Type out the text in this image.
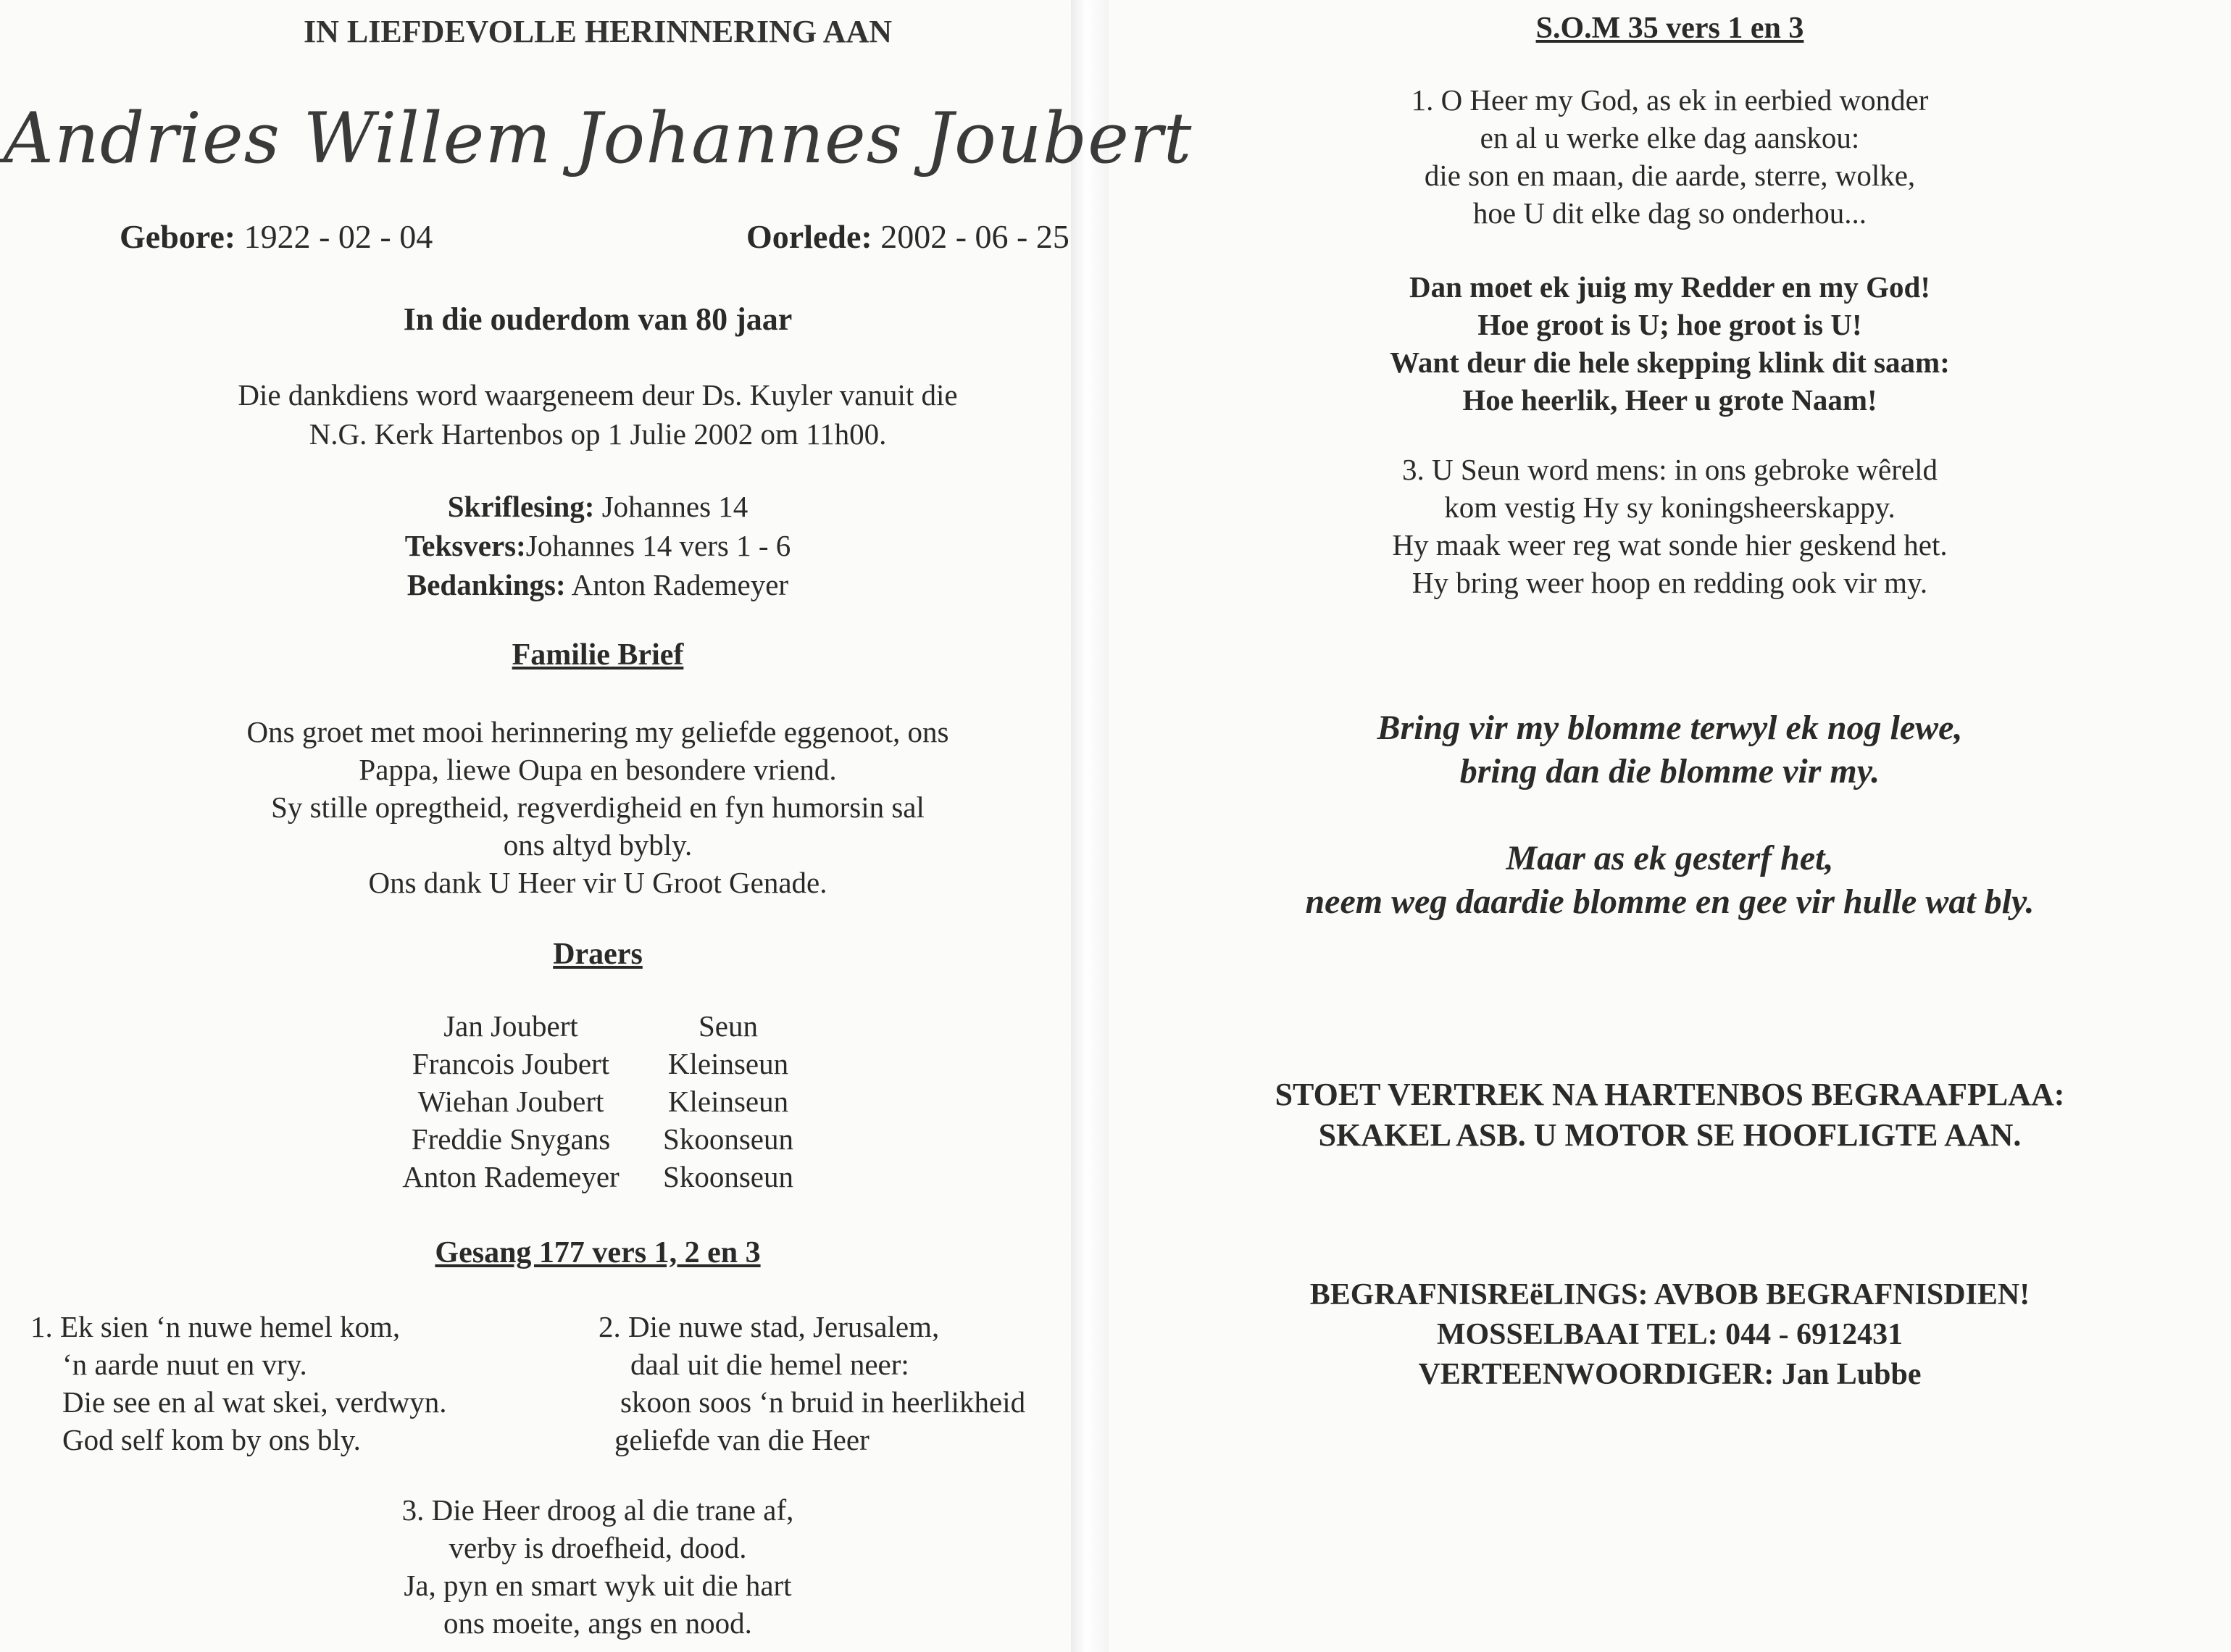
IN LIEFDEVOLLE HERINNERING AAN
Andries Willem Johannes Joubert
Gebore: 1922 - 02 - 04	Oorlede: 2002 - 06 - 25
In die ouderdom van 80 jaar
Die dankdiens word waargeneem deur Ds. Kuyler vanuit die
N.G. Kerk Hartenbos op 1 Julie 2002 om 11h00.
Skriflesing: Johannes 14
Teksvers:Johannes 14 vers 1 - 6
Bedankings: Anton Rademeyer
Familie Brief
Ons groet met mooi herinnering my geliefde eggenoot, ons
Pappa, liewe Oupa en besondere vriend.
Sy stille opregtheid, regverdigheid en fyn humorsin sal
ons altyd bybly.
Ons dank U Heer vir U Groot Genade.
Draers
Jan Joubert	Seun
Francois Joubert	Kleinseun
Wiehan Joubert	Kleinseun
Freddie Snygans	Skoonseun
Anton Rademeyer	Skoonseun
Gesang 177 vers 1, 2 en 3
1. Ek sien ‘n nuwe hemel kom,
‘n aarde nuut en vry.
Die see en al wat skei, verdwyn.
God self kom by ons bly.
2. Die nuwe stad, Jerusalem,
daal uit die hemel neer:
skoon soos ‘n bruid in heerlikheid
geliefde van die Heer
3. Die Heer droog al die trane af,
verby is droefheid, dood.
Ja, pyn en smart wyk uit die hart
ons moeite, angs en nood.
S.O.M 35 vers 1 en 3
1. O Heer my God, as ek in eerbied wonder
en al u werke elke dag aanskou:
die son en maan, die aarde, sterre, wolke,
hoe U dit elke dag so onderhou...
Dan moet ek juig my Redder en my God!
Hoe groot is U; hoe groot is U!
Want deur die hele skepping klink dit saam:
Hoe heerlik, Heer u grote Naam!
3. U Seun word mens: in ons gebroke wêreld
kom vestig Hy sy koningsheerskappy.
Hy maak weer reg wat sonde hier geskend het.
Hy bring weer hoop en redding ook vir my.
Bring vir my blomme terwyl ek nog lewe,
bring dan die blomme vir my.
Maar as ek gesterf het,
neem weg daardie blomme en gee vir hulle wat bly.
STOET VERTREK NA HARTENBOS BEGRAAFPLAA:
SKAKEL ASB. U MOTOR SE HOOFLIGTE AAN.
BEGRAFNISREëLINGS: AVBOB BEGRAFNISDIEN!
MOSSELBAAI TEL: 044 - 6912431
VERTEENWOORDIGER: Jan Lubbe
